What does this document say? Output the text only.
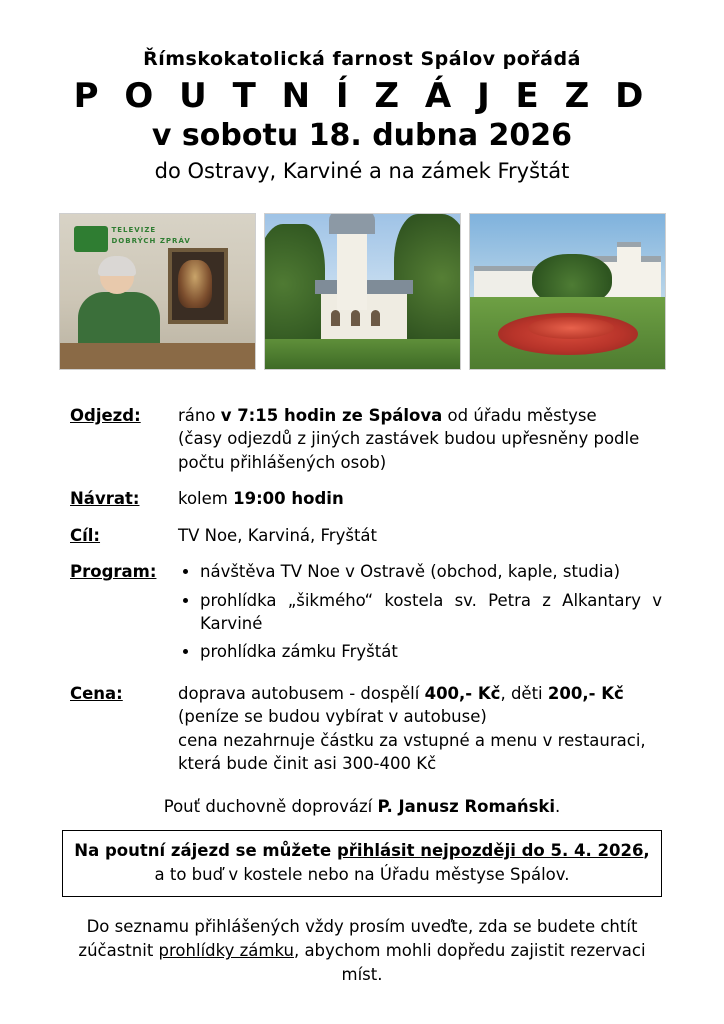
Římskokatolická farnost Spálov pořádá
P O U T N Í Z Á J E Z D
v sobotu 18. dubna 2026
do Ostravy, Karviné a na zámek Fryštát
TELEVIZE
DOBRÝCH ZPRÁV
Odjezd:	ráno v 7:15 hodin ze Spálova od úřadu městyse
(časy odjezdů z jiných zastávek budou upřesněny podle
počtu přihlášených osob)
Návrat:	kolem 19:00 hodin
Cíl:	TV Noe, Karviná, Fryštát
Program:	• návštěva TV Noe v Ostravě (obchod, kaple, studia)
• prohlídka „šikmého“ kostela sv. Petra z Alkantary v Karviné
• prohlídka zámku Fryštát
Cena:	doprava autobusem - dospělí 400,- Kč, děti 200,- Kč
(peníze se budou vybírat v autobuse)
cena nezahrnuje částku za vstupné a menu v restauraci,
která bude činit asi 300-400 Kč
Pouť duchovně doprovází P. Janusz Romański.
Na poutní zájezd se můžete přihlásit nejpozději do 5. 4. 2026,
a to buď v kostele nebo na Úřadu městyse Spálov.
Do seznamu přihlášených vždy prosím uveďte, zda se budete chtít
zúčastnit prohlídky zámku, abychom mohli dopředu zajistit rezervaci míst.
